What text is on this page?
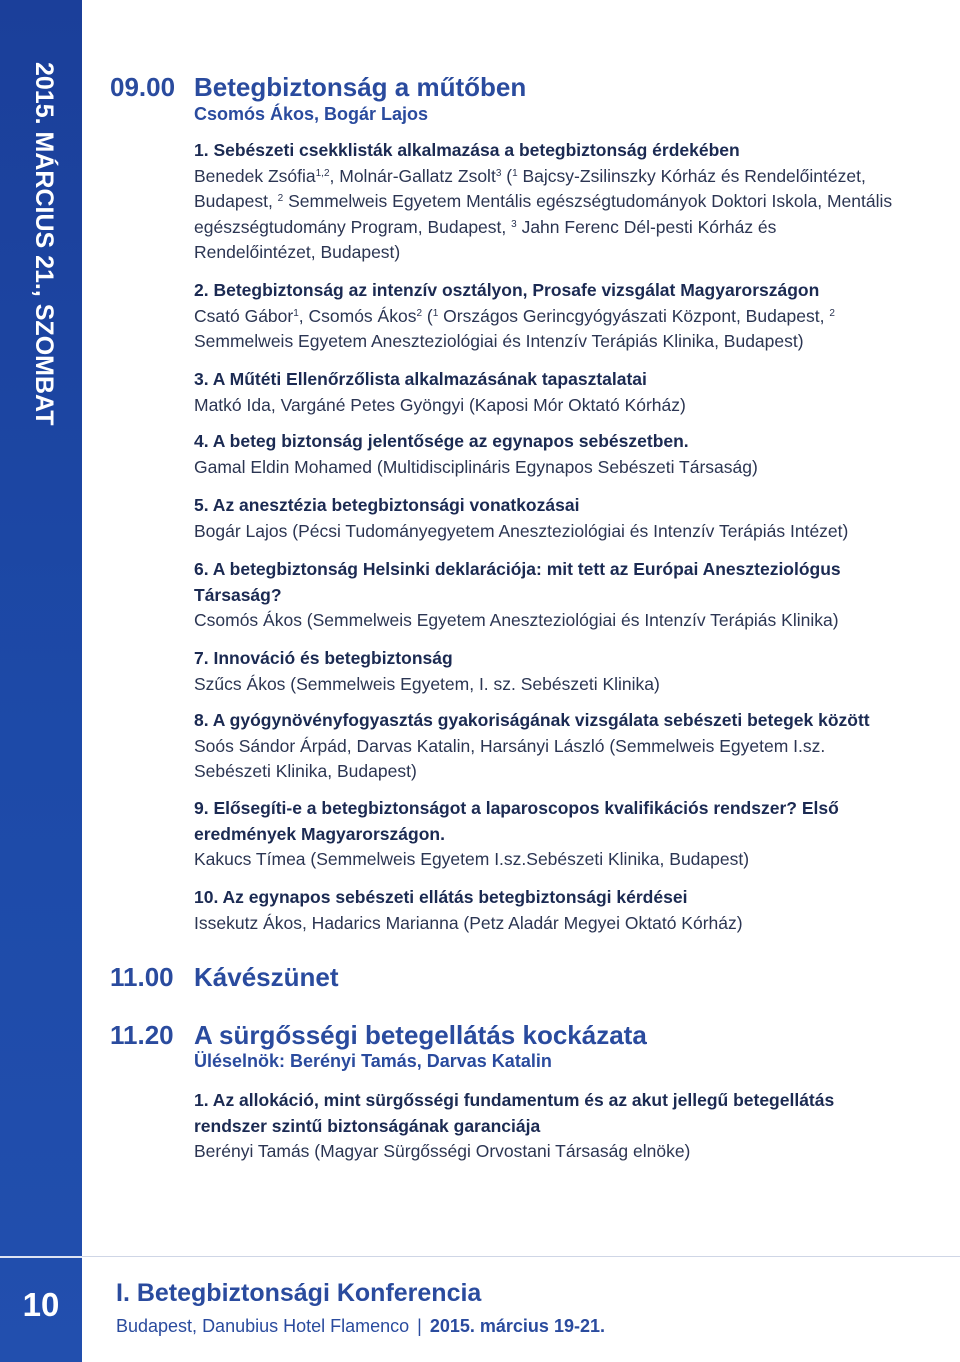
2015. MÁRCIUS 21., SZOMBAT
10
09.00 Betegbiztonság a műtőben
Csomós Ákos, Bogár Lajos
1. Sebészeti csekklisták alkalmazása a betegbiztonság érdekében
Benedek Zsófia$^{1,2}$, Molnár-Gallatz Zsolt$^3$ ($^1$ Bajcsy-Zsilinszky Kórház és Rendelőintézet, Budapest, $^2$ Semmelweis Egyetem Mentális egészségtudományok Doktori Iskola, Mentális egészségtudomány Program, Budapest, $^3$ Jahn Ferenc Dél-pesti Kórház és Rendelőintézet, Budapest)
2. Betegbiztonság az intenzív osztályon, Prosafe vizsgálat Magyarországon
Csató Gábor$^1$, Csomós Ákos$^2$ ($^1$ Országos Gerincgyógyászati Központ, Budapest, $^2$ Semmelweis Egyetem Aneszteziológiai és Intenzív Terápiás Klinika, Budapest)
3. A Műtéti Ellenőrzőlista alkalmazásának tapasztalatai
Matkó Ida, Vargáné Petes Gyöngyi (Kaposi Mór Oktató Kórház)
4. A beteg biztonság jelentősége az egynapos sebészetben.
Gamal Eldin Mohamed (Multidisciplináris Egynapos Sebészeti Társaság)
5. Az anesztézia betegbiztonsági vonatkozásai
Bogár Lajos (Pécsi Tudományegyetem Aneszteziológiai és Intenzív Terápiás Intézet)
6. A betegbiztonság Helsinki deklarációja: mit tett az Európai Aneszteziológus Társaság?
Csomós Ákos (Semmelweis Egyetem Aneszteziológiai és Intenzív Terápiás Klinika)
7. Innováció és betegbiztonság
Szűcs Ákos (Semmelweis Egyetem, I. sz. Sebészeti Klinika)
8. A gyógynövényfogyasztás gyakoriságának vizsgálata sebészeti betegek között
Soós Sándor Árpád, Darvas Katalin, Harsányi László (Semmelweis Egyetem I.sz. Sebészeti Klinika, Budapest)
9. Elősegíti-e a betegbiztonságot a laparoscopos kvalifikációs rendszer? Első eredmények Magyarországon.
Kakucs Tímea (Semmelweis Egyetem I.sz.Sebészeti Klinika, Budapest)
10. Az egynapos sebészeti ellátás betegbiztonsági kérdései
Issekutz Ákos, Hadarics Marianna (Petz Aladár Megyei Oktató Kórház)
11.00 Kávészünet
11.20 A sürgősségi betegellátás kockázata
Üléselnök: Berényi Tamás, Darvas Katalin
1. Az allokáció, mint sürgősségi fundamentum és az akut jellegű betegellátás rendszer szintű biztonságának garanciája
Berényi Tamás (Magyar Sürgősségi Orvostani Társaság elnöke)
I. Betegbiztonsági Konferencia
Budapest, Danubius Hotel Flamenco | 2015. március 19-21.
